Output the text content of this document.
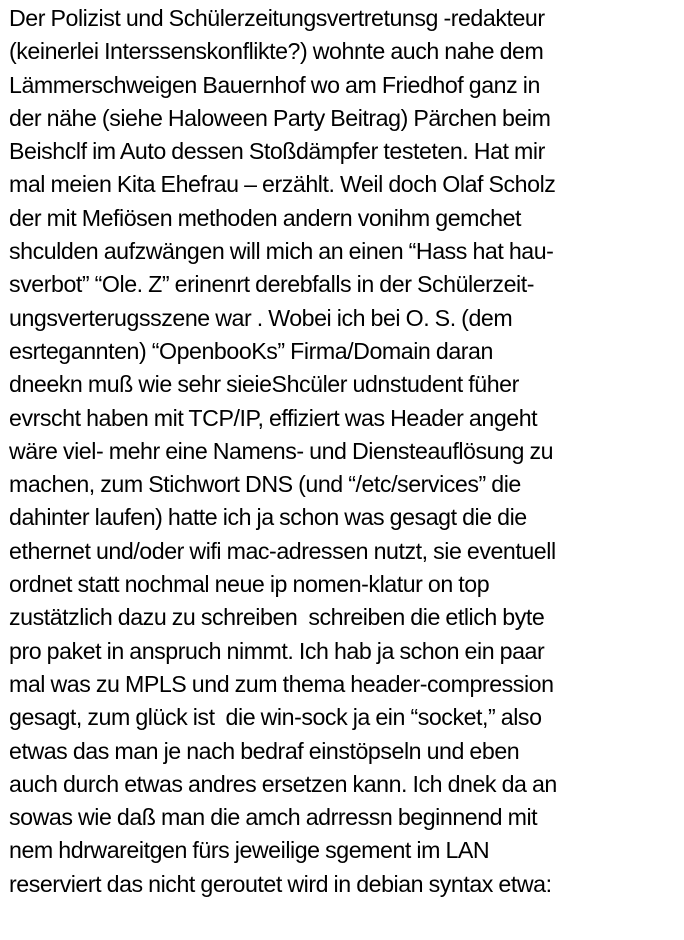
Der Polizist und Schülerzeitungsvertretunsg -redakteur
(keinerlei Interssenskonflikte?) wohnte auch nahe dem
Lämmerschweigen Bauernhof wo am Friedhof ganz in
der nähe (siehe Haloween Party Beitrag) Pärchen beim
Beishclf im Auto dessen Stoßdämpfer testeten. Hat mir
mal meien Kita Ehefrau – erzählt. Weil doch Olaf Scholz
der mit Mefiösen methoden andern vonihm gemchet
shculden aufzwängen will mich an einen “Hass hat hau-
sverbot” “Ole. Z” erinenrt derebfalls in der Schülerzeit-
ungsverterugsszene war . Wobei ich bei O. S. (dem
esrtegannten) “OpenbooKs” Firma/Domain daran
dneekn muß wie sehr sieieShcüler udnstudent füher
evrscht haben mit TCP/IP, effiziert was Header angeht
wäre viel- mehr eine Namens- und Diensteauflösung zu
machen, zum Stichwort DNS (und “/etc/services” die
dahinter laufen) hatte ich ja schon was gesagt die die
ethernet und/oder wifi mac-adressen nutzt, sie eventuell
ordnet statt nochmal neue ip nomen-klatur on top
zustätzlich dazu zu schreiben  schreiben die etlich byte
pro paket in anspruch nimmt. Ich hab ja schon ein paar
mal was zu MPLS und zum thema header-compression
gesagt, zum glück ist  die win-sock ja ein “socket,” also
etwas das man je nach bedraf einstöpseln und eben
auch durch etwas andres ersetzen kann. Ich dnek da an
sowas wie daß man die amch adrressn beginnend mit
nem hdrwareitgen fürs jeweilige sgement im LAN
reserviert das nicht geroutet wird in debian syntax etwa:
